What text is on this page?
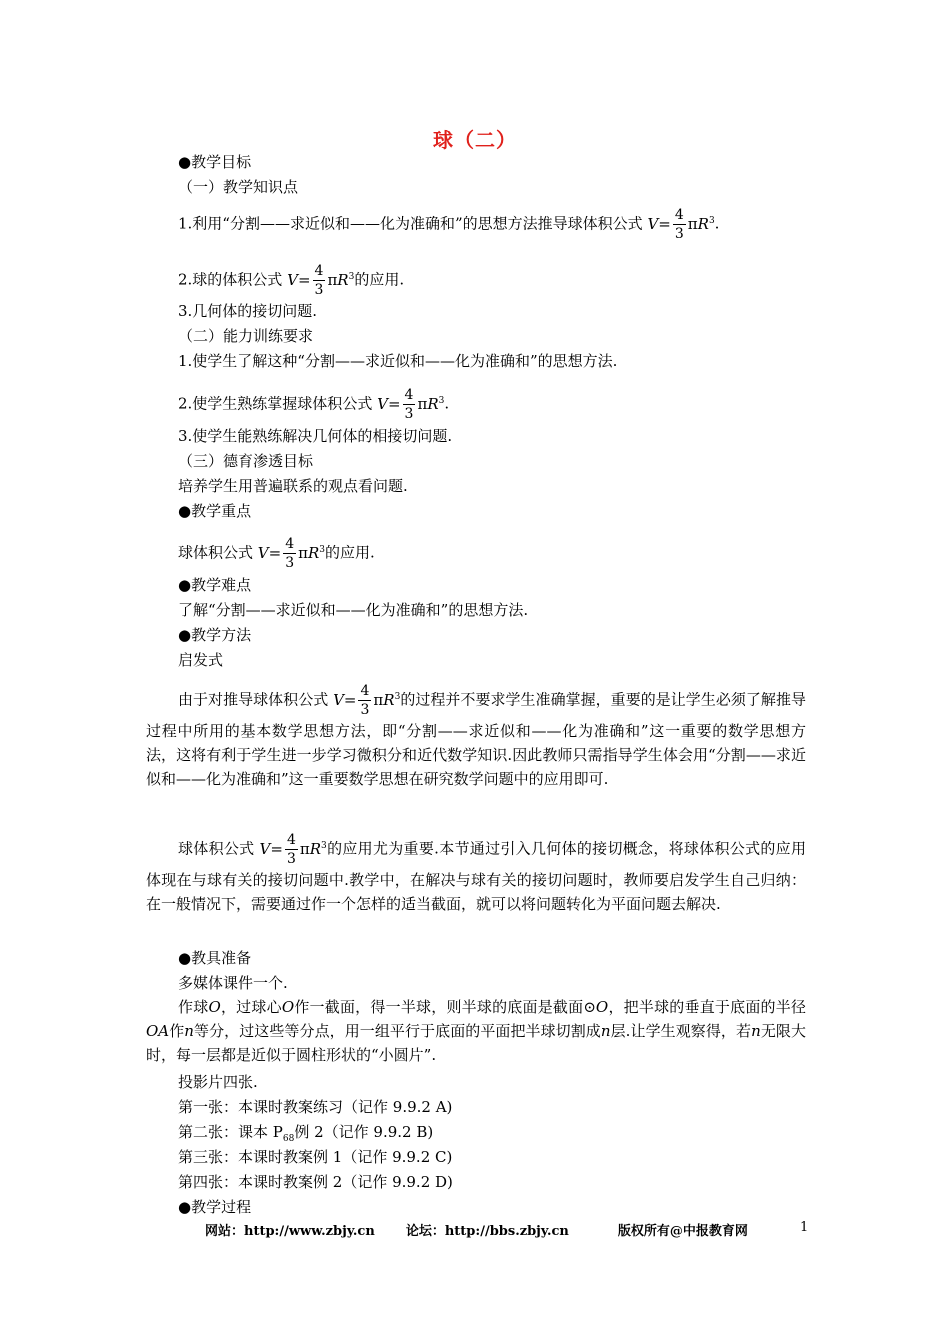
球（二）
●教学目标
（一）教学知识点
1.利用“分割——求近似和——化为准确和”的思想方法推导球体积公式 $V= \frac{4}{3} \pi R^3$.
2.球的体积公式 $V= \frac{4}{3} \pi R^3$的应用.
3.几何体的接切问题.
（二）能力训练要求
1.使学生了解这种“分割——求近似和——化为准确和”的思想方法.
2.使学生熟练掌握球体积公式 $V= \frac{4}{3} \pi R^3$.
3.使学生能熟练解决几何体的相接切问题.
（三）德育渗透目标
培养学生用普遍联系的观点看问题.
●教学重点
球体积公式 $V= \frac{4}{3} \pi R^3$的应用.
●教学难点
了解“分割——求近似和——化为准确和”的思想方法.
●教学方法
启发式
由于对推导球体积公式 $V= \frac{4}{3} \pi R^3$的过程并不要求学生准确掌握，重要的是让学生必须了解推导过程中所用的基本数学思想方法，即“分割——求近似和——化为准确和”这一重要的数学思想方法，这将有利于学生进一步学习微积分和近代数学知识.因此教师只需指导学生体会用“分割——求近似和——化为准确和”这一重要数学思想在研究数学问题中的应用即可.
球体积公式 $V= \frac{4}{3} \pi R^3$的应用尤为重要.本节通过引入几何体的接切概念，将球体积公式的应用体现在与球有关的接切问题中.教学中，在解决与球有关的接切问题时，教师要启发学生自己归纳：在一般情况下，需要通过作一个怎样的适当截面，就可以将问题转化为平面问题去解决.
●教具准备
多媒体课件一个.
作球O，过球心O作一截面，得一半球，则半球的底面是截面⊙O，把半球的垂直于底面的半径OA作n等分，过这些等分点，用一组平行于底面的平面把半球切割成n层.让学生观察得，若n无限大时，每一层都是近似于圆柱形状的“小圆片”.
投影片四张.
第一张：本课时教案练习（记作 9.9.2 A)
第二张：课本 $P_{68}$例 2（记作 9.9.2 B)
第三张：本课时教案例 1（记作 9.9.2 C)
第四张：本课时教案例 2（记作 9.9.2 D)
●教学过程
网站：http://www.zbjy.cn 论坛：http://bbs.zbjy.cn	版权所有@中报教育网	1
